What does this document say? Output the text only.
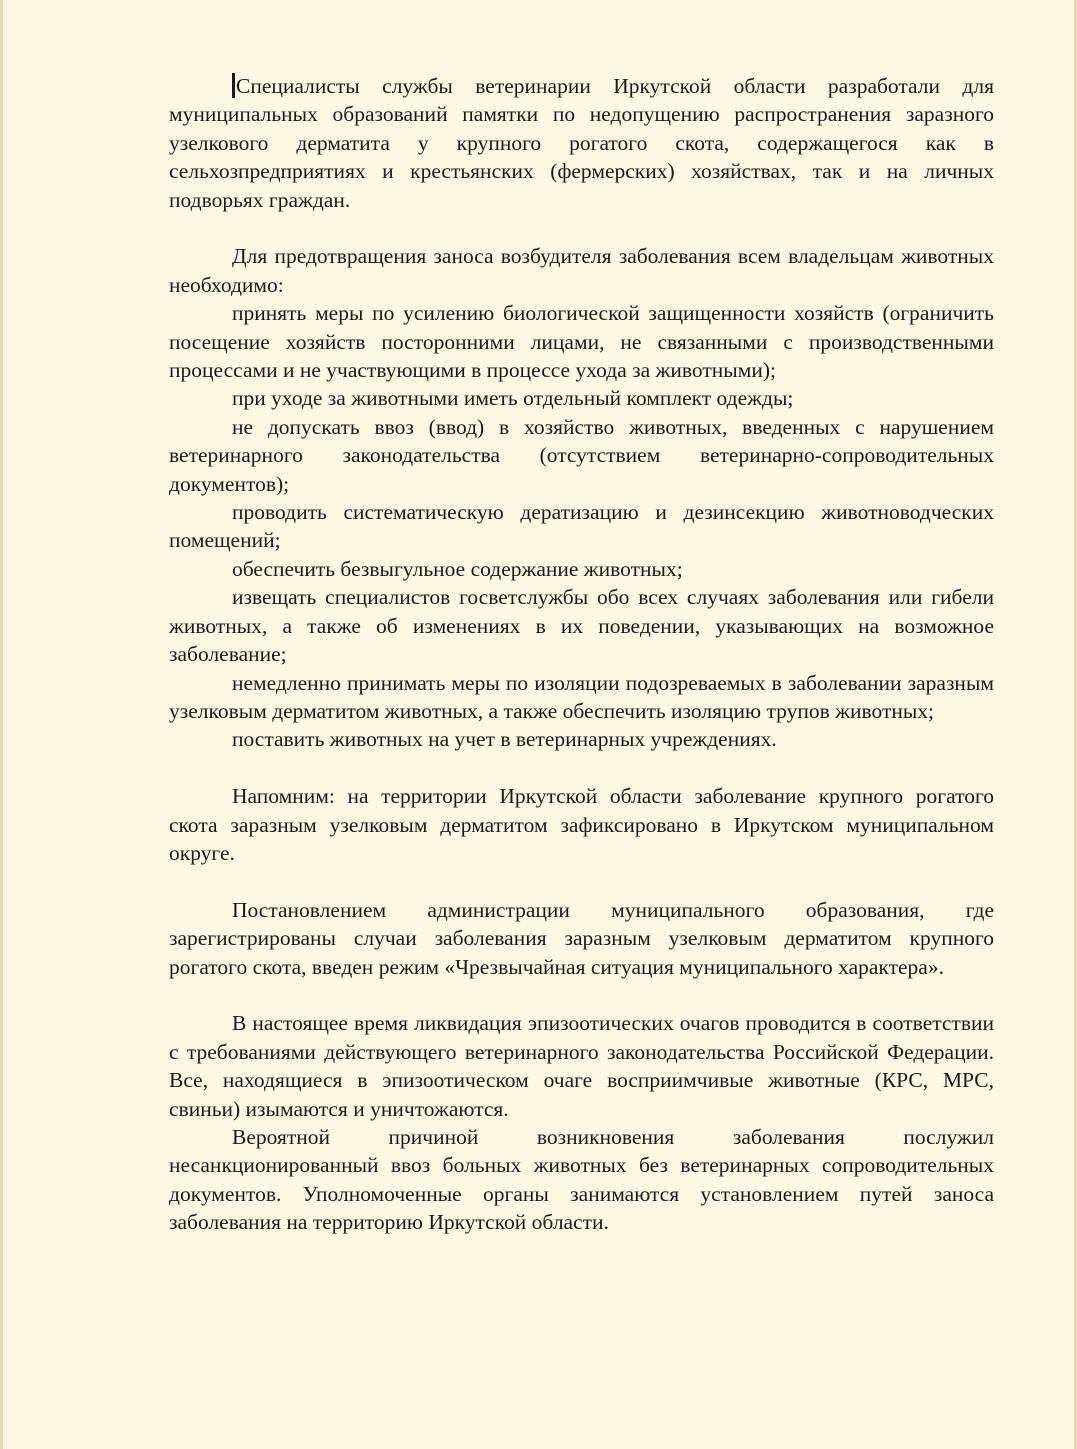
Специалисты службы ветеринарии Иркутской области разработали для муниципальных образований памятки по недопущению распространения заразного узелкового дерматита у крупного рогатого скота, содержащегося как в сельхозпредприятиях и крестьянских (фермерских) хозяйствах, так и на личных подворьях граждан.

Для предотвращения заноса возбудителя заболевания всем владельцам животных необходимо:

принять меры по усилению биологической защищенности хозяйств (ограничить посещение хозяйств посторонними лицами, не связанными с производственными процессами и не участвующими в процессе ухода за животными);

при уходе за животными иметь отдельный комплект одежды;

не допускать ввоз (ввод) в хозяйство животных, введенных с нарушением ветеринарного законодательства (отсутствием ветеринарно-сопроводительных документов);

проводить систематическую дератизацию и дезинсекцию животноводческих помещений;

обеспечить безвыгульное содержание животных;

извещать специалистов госветслужбы обо всех случаях заболевания или гибели животных, а также об изменениях в их поведении, указывающих на возможное заболевание;

немедленно принимать меры по изоляции подозреваемых в заболевании заразным узелковым дерматитом животных, а также обеспечить изоляцию трупов животных;

поставить животных на учет в ветеринарных учреждениях.

Напомним: на территории Иркутской области заболевание крупного рогатого скота заразным узелковым дерматитом зафиксировано в Иркутском муниципальном округе.

Постановлением администрации муниципального образования, где зарегистрированы случаи заболевания заразным узелковым дерматитом крупного рогатого скота, введен режим «Чрезвычайная ситуация муниципального характера».

В настоящее время ликвидация эпизоотических очагов проводится в соответствии с требованиями действующего ветеринарного законодательства Российской Федерации. Все, находящиеся в эпизоотическом очаге восприимчивые животные (КРС, МРС, свиньи) изымаются и уничтожаются.

Вероятной причиной возникновения заболевания послужил несанкционированный ввоз больных животных без ветеринарных сопроводительных документов. Уполномоченные органы занимаются установлением путей заноса заболевания на территорию Иркутской области.
